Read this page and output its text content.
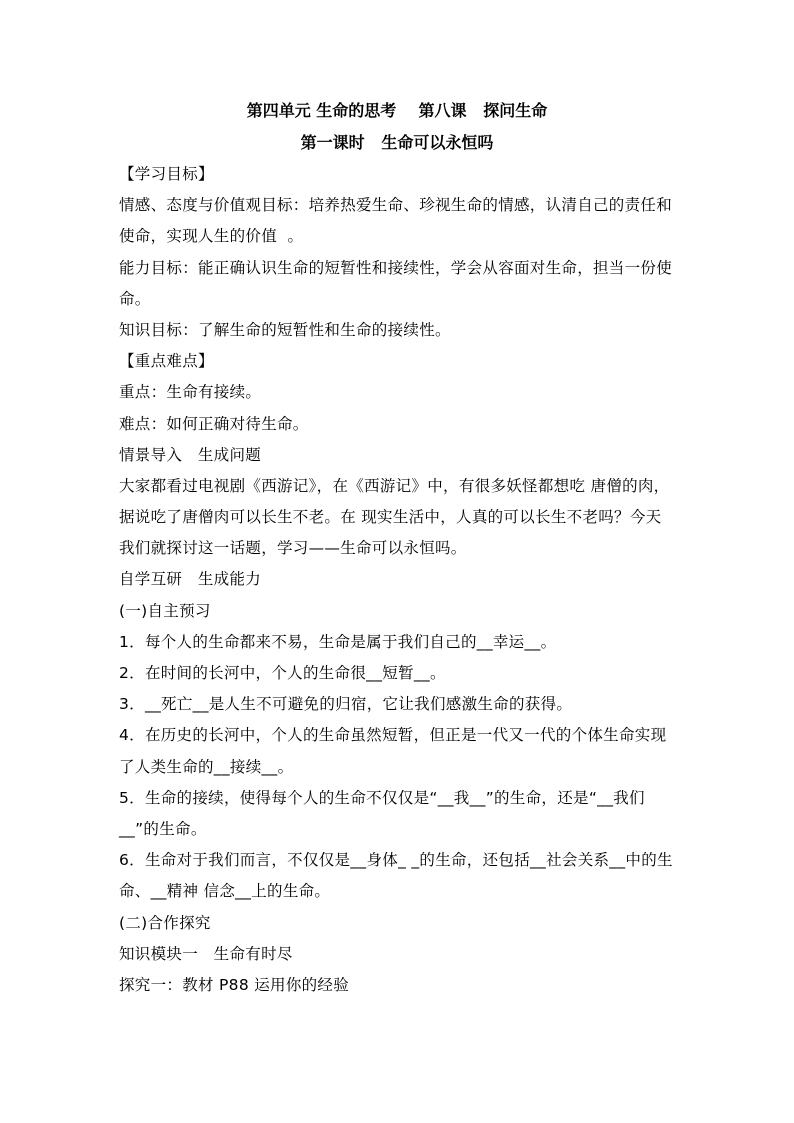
第四单元 生命的思考    第八课   探问生命
第一课时   生命可以永恒吗
【学习目标】
情感、态度与价值观目标：培养热爱生命、珍视生命的情感，认清自己的责任和
使命，实现人生的价值  。
能力目标：能正确认识生命的短暂性和接续性，学会从容面对生命，担当一份使
命。
知识目标：了解生命的短暂性和生命的接续性。
【重点难点】
重点：生命有接续。
难点：如何正确对待生命。
情景导入   生成问题
大家都看过电视剧《西游记》，在《西游记》中，有很多妖怪都想吃 唐僧的肉，
据说吃了唐僧肉可以长生不老。在 现实生活中，人真的可以长生不老吗？今天
我们就探讨这一话题，学习——生命可以永恒吗。
自学互研   生成能力
(一)自主预习
1．每个人的生命都来不易，生命是属于我们自己的__幸运__。
2．在时间的长河中，个人的生命很__短暂__。
3．__死亡__是人生不可避免的归宿，它让我们感激生命的获得。
4．在历史的长河中，个人的生命虽然短暂，但正是一代又一代的个体生命实现
了人类生命的__接续__。
5．生命的接续，使得每个人的生命不仅仅是“__我__”的生命，还是“__我们
__”的生命。
6．生命对于我们而言，不仅仅是__身体_ _的生命，还包括__社会关系__中的生
命、__精神 信念__上的生命。
(二)合作探究
知识模块一   生命有时尽
探究一：教材 P88 运用你的经验
